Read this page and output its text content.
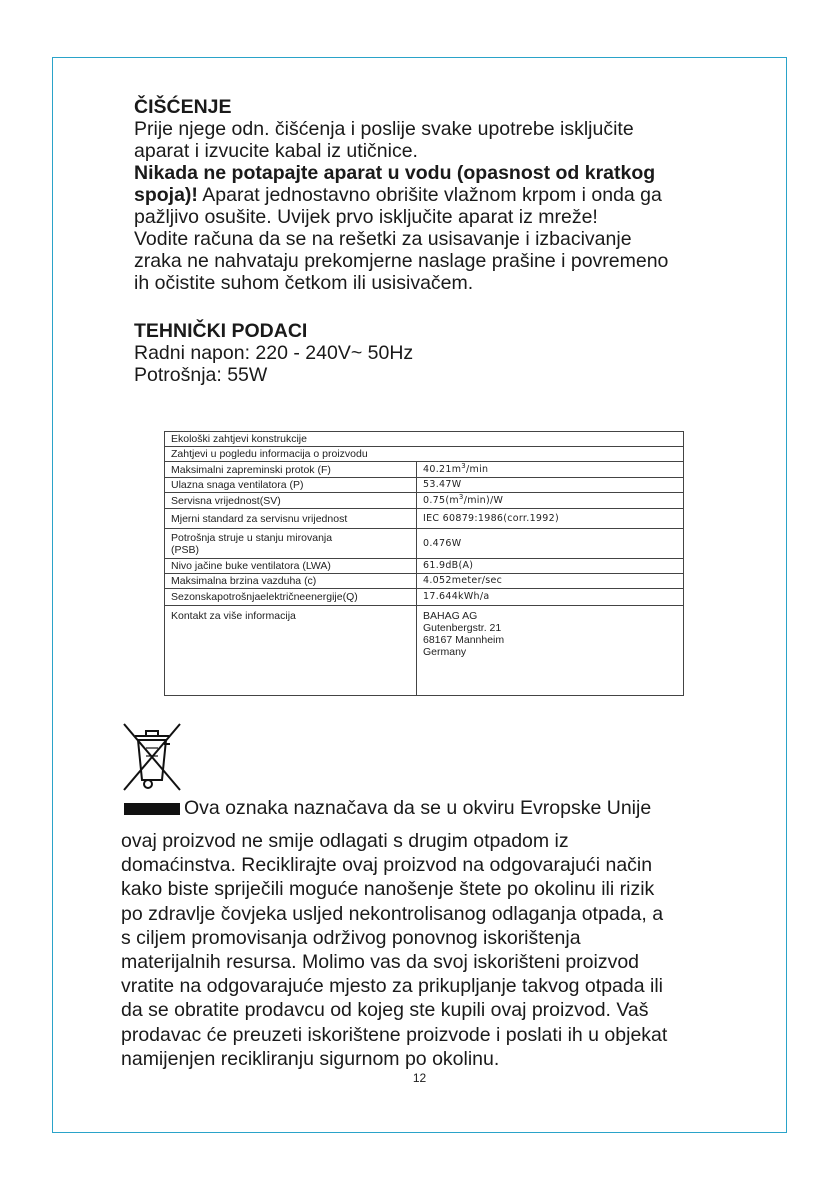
ČIŠĆENJE
Prije njege odn. čišćenja i poslije svake upotrebe isključite
aparat i izvucite kabal iz utičnice.
Nikada ne potapajte aparat u vodu (opasnost od kratkog
spoja)! Aparat jednostavno obrišite vlažnom krpom i onda ga
pažljivo osušite. Uvijek prvo isključite aparat iz mreže!
Vodite računa da se na rešetki za usisavanje i izbacivanje
zraka ne nahvataju prekomjerne naslage prašine i povremeno
ih očistite suhom četkom ili usisivačem.
TEHNIČKI PODACI
Radni napon: 220 - 240V~ 50Hz
Potrošnja: 55W
Ekološki zahtjevi konstrukcije	
Zahtjevi u pogledu informacija o proizvodu	
Maksimalni zapreminski protok (F)	$40.21m^3/\min$
Ulazna snaga ventilatora (P)	53.47W
Servisna vrijednost(SV)	$0.75(m^3/\min)/W$
Mjerni standard za servisnu vrijednost	IEC 60879:1986(corr.1992)

Potrošnja struje u stanju mirovanja
(PSB)	0.476W
Nivo jačine buke ventilatora (LWA)	61.9dB(A)
Maksimalna brzina vazduha (c)	4.052meter/sec
Sezonskapotrošnjaelektričneenergije(Q)	17.644kWh/a
Kontakt za više informacija	BAHAG AG
Gutenbergstr. 21
68167 Mannheim
Germany
Ova oznaka naznačava da se u okviru Evropske Unije
ovaj proizvod ne smije odlagati s drugim otpadom iz
domaćinstva. Reciklirajte ovaj proizvod na odgovarajući način
kako biste spriječili moguće nanošenje štete po okolinu ili rizik
po zdravlje čovjeka usljed nekontrolisanog odlaganja otpada, a
s ciljem promovisanja održivog ponovnog iskorištenja
materijalnih resursa. Molimo vas da svoj iskorišteni proizvod
vratite na odgovarajuće mjesto za prikupljanje takvog otpada ili
da se obratite prodavcu od kojeg ste kupili ovaj proizvod. Vaš
prodavac će preuzeti iskorištene proizvode i poslati ih u objekat
namijenjen recikliranju sigurnom po okolinu.
12
